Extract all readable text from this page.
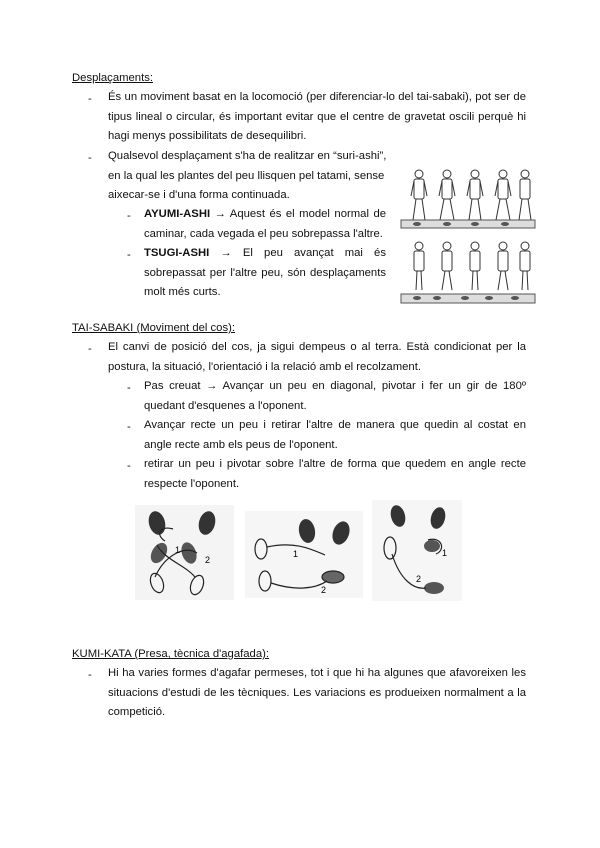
Desplaçaments:
- És un moviment basat en la locomoció (per diferenciar-lo del tai-sabaki), pot ser de tipus lineal o circular, és important evitar que el centre de gravetat oscili perquè hi hagi menys possibilitats de desequilibri.
- Qualsevol desplaçament s'ha de realitzar en “suri-ashi”, en la qual les plantes del peu llisquen pel tatami, sense aixecar-se i d'una forma continuada.
- AYUMI-ASHI → Aquest és el model normal de caminar, cada vegada el peu sobrepassa l'altre.
- TSUGI-ASHI → El peu avançat mai és sobrepassat per l'altre peu, són desplaçaments molt més curts.
TAI-SABAKI (Moviment del cos):
- El canvi de posició del cos, ja sigui dempeus o al terra. Està condicionat per la postura, la situació, l'orientació i la relació amb el recolzament.
- Pas creuat → Avançar un peu en diagonal, pivotar i fer un gir de 180º quedant d'esquenes a l'oponent.
- Avançar recte un peu i retirar l'altre de manera que quedin al costat en angle recte amb els peus de l'oponent.
- retirar un peu i pivotar sobre l'altre de forma que quedem en angle recte respecte l'oponent.
1
2
1
2
1
2
KUMI-KATA (Presa, tècnica d'agafada):
- Hi ha varies formes d'agafar permeses, tot i que hi ha algunes que afavoreixen les situacions d'estudi de les tècniques. Les variacions es produeixen normalment a la competició.
